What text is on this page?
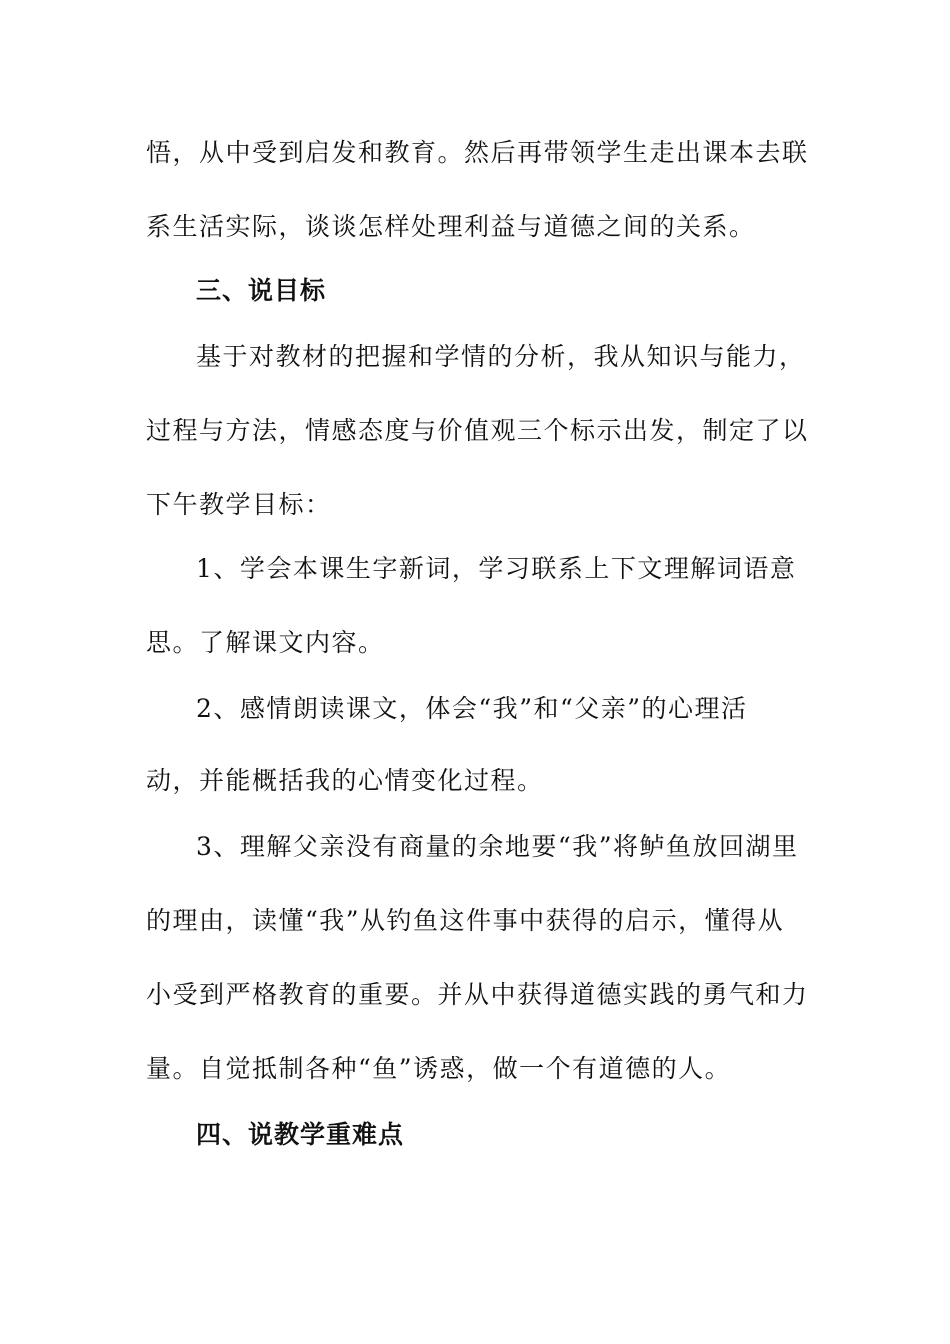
悟，从中受到启发和教育。然后再带领学生走出课本去联
系生活实际，谈谈怎样处理利益与道德之间的关系。
三、说目标
基于对教材的把握和学情的分析，我从知识与能力，
过程与方法，情感态度与价值观三个标示出发，制定了以
下午教学目标：
1、学会本课生字新词，学习联系上下文理解词语意
思。了解课文内容。
2、感情朗读课文，体会“我”和“父亲”的心理活
动，并能概括我的心情变化过程。
3、理解父亲没有商量的余地要“我”将鲈鱼放回湖里
的理由，读懂“我”从钓鱼这件事中获得的启示，懂得从
小受到严格教育的重要。并从中获得道德实践的勇气和力
量。自觉抵制各种“鱼”诱惑，做一个有道德的人。
四、说教学重难点
